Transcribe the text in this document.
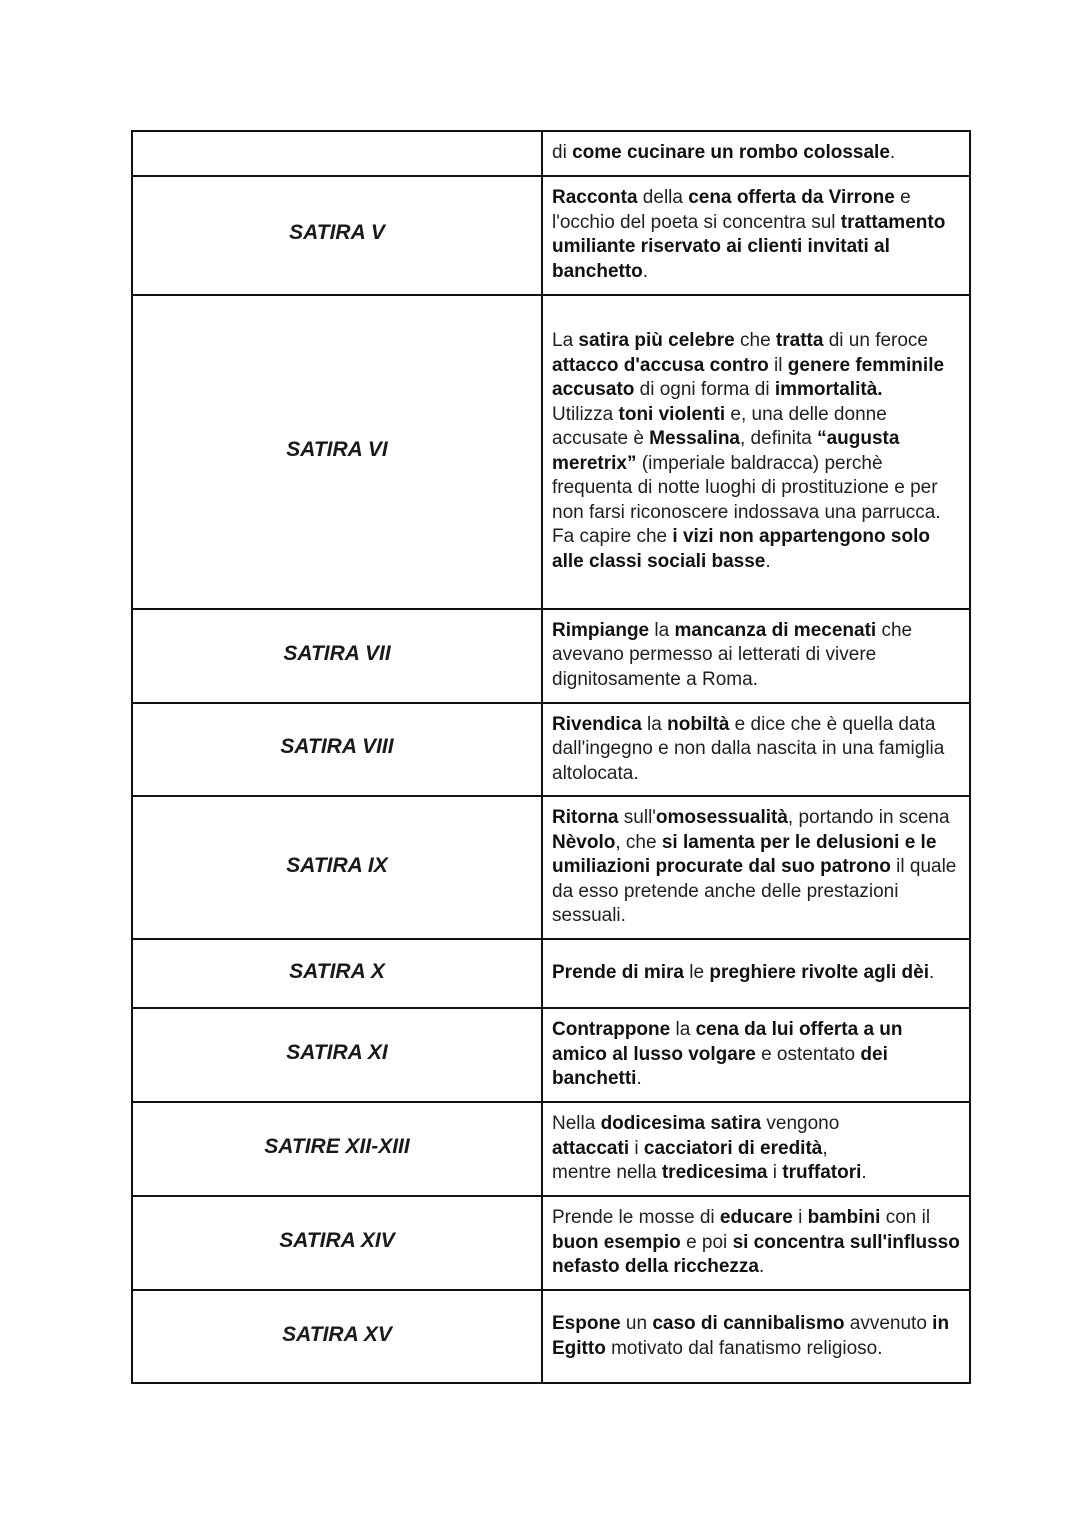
	di come cucinare un rombo colossale.
SATIRA V	Racconta della cena offerta da Virrone e l'occhio del poeta si concentra sul trattamento umiliante riservato ai clienti invitati al banchetto.
SATIRA VI	La satira più celebre che tratta di un feroce attacco d'accusa contro il genere femminile accusato di ogni forma di immortalità.
Utilizza toni violenti e, una delle donne accusate è Messalina, definita “augusta meretrix” (imperiale baldracca) perchè frequenta di notte luoghi di prostituzione e per non farsi riconoscere indossava una parrucca.
Fa capire che i vizi non appartengono solo alle classi sociali basse.
SATIRA VII	Rimpiange la mancanza di mecenati che avevano permesso ai letterati di vivere dignitosamente a Roma.
SATIRA VIII	Rivendica la nobiltà e dice che è quella data dall'ingegno e non dalla nascita in una famiglia altolocata.
SATIRA IX	Ritorna sull'omosessualità, portando in scena Nèvolo, che si lamenta per le delusioni e le umiliazioni procurate dal suo patrono il quale da esso pretende anche delle prestazioni sessuali.
SATIRA X	Prende di mira le preghiere rivolte agli dèi.
SATIRA XI	Contrappone la cena da lui offerta a un amico al lusso volgare e ostentato dei banchetti.
SATIRE XII-XIII	Nella dodicesima satira vengono
attaccati i cacciatori di eredità,
mentre nella tredicesima i truffatori.
SATIRA XIV	Prende le mosse di educare i bambini con il buon esempio e poi si concentra sull'influsso nefasto della ricchezza.
SATIRA XV	Espone un caso di cannibalismo avvenuto in Egitto motivato dal fanatismo religioso.
